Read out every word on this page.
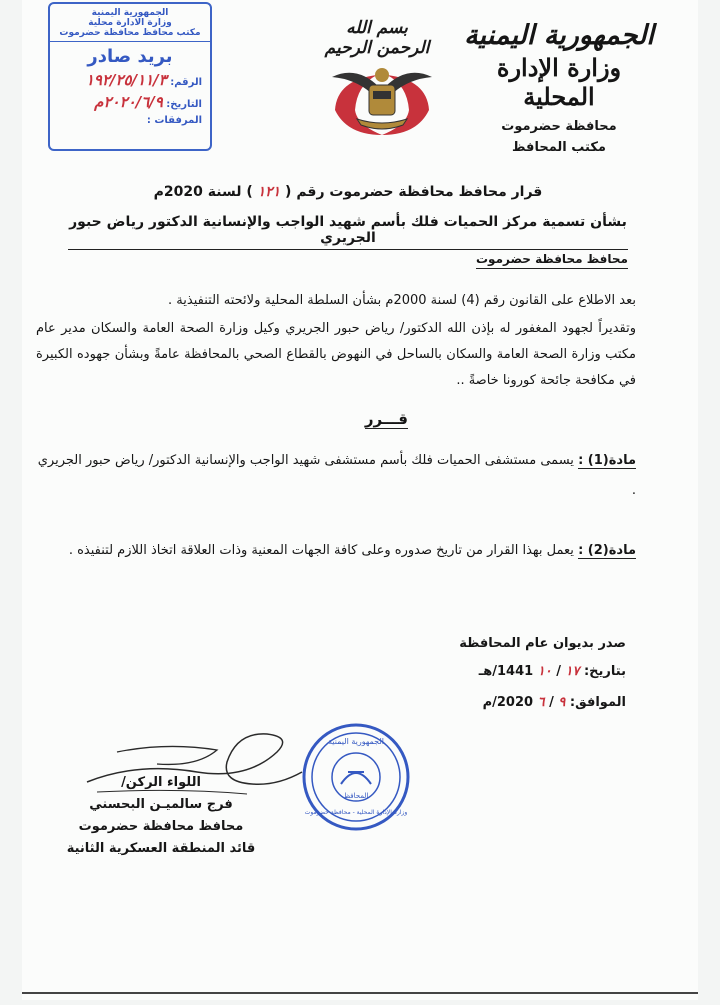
الجمهورية اليمنية
وزارة الإدارة المحلية
محافظة حضرموت
مكتب المحافظ
بسم الله الرحمن الرحيم
الجمهورية اليمنية
وزارة الادارة محلية
مكتب محافظ محافظة حضرموت
بريد صادر
الرقم: ١٩٢/٢٥/١١/٣
التاريخ: ٢٠٢٠/٦/٩م
المرفقات :
قرار محافظ محافظة حضرموت رقم ( ١٢١ ) لسنة 2020م
بشأن تسمية مركز الحميات فلك بأسم شهيد الواجب والإنسانية الدكتور رياض حبور الجريري
محافظ محافظة حضرموت
بعد الاطلاع على القانون رقم (4) لسنة 2000م بشأن السلطة المحلية ولائحته التنفيذية .
وتقديراً لجهود المغفور له بإذن الله الدكتور/ رياض حبور الجريري وكيل وزارة الصحة العامة والسكان مدير عام مكتب وزارة الصحة العامة والسكان بالساحل في النهوض بالقطاع الصحي بالمحافظة عامةً وبشأن جهوده الكبيرة في مكافحة جائحة كورونا خاصةً ..
قـــرر
مادة(1) : يسمى مستشفى الحميات فلك بأسم مستشفى شهيد الواجب والإنسانية الدكتور/ رياض حبور الجريري .
مادة(2) : يعمل بهذا القرار من تاريخ صدوره وعلى كافة الجهات المعنية وذات العلاقة اتخاذ اللازم لتنفيذه .
صدر بديوان عام المحافظة
بتاريخ: ١٧ / ١٠ 1441/هـ
الموافق: ٩ / ٦ 2020/م
اللواء الركن/
فرج سالميـن البحسني
محافظ محافظة حضرموت
قائد المنطقة العسكرية الثانية
الجمهورية اليمنية
وزارة الإدارة المحلية - محافظة حضرموت
المحافظ
